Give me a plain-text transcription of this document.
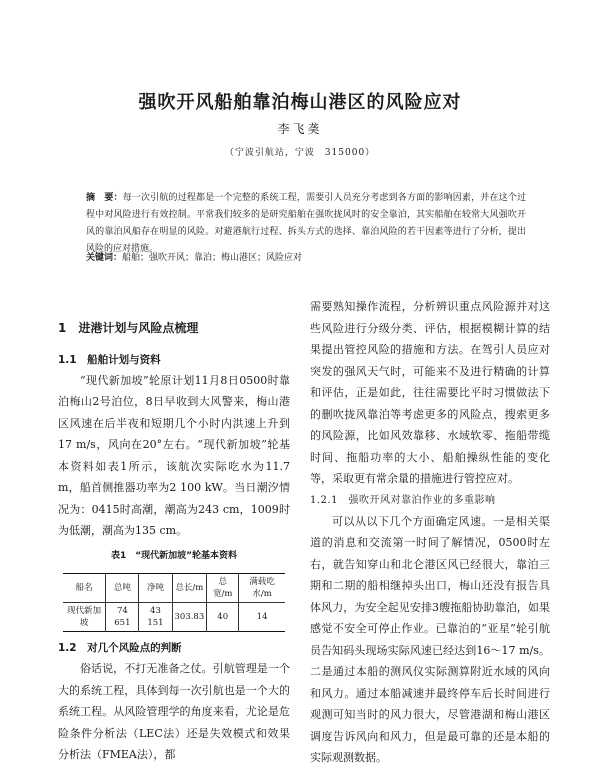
强吹开风船舶靠泊梅山港区的风险应对
李飞䶮
（宁波引航站，宁波　315000）
摘　要：每一次引航的过程都是一个完整的系统工程，需要引人员充分考虑到各方面的影响因素，并在这个过程中对风险进行有效控制。平常我们较多的是研究船舶在强吹拢风时的安全靠泊，其实船舶在较常大风强吹开风的靠泊风船存在明显的风险。对避港航行过程、拆头方式的选择、靠泊风险的若干因素等进行了分析，提出风险的应对措施。
关键词：船舶；强吹开风；靠泊；梅山港区；风险应对
1　进港计划与风险点梳理
1.1　船舶计划与资料

“现代新加坡”轮原计划11月8日0500时靠泊梅山2号泊位，8日早收到大风警来，梅山港区风速在后半夜和短期几个小时内洪速上升到17 m/s，风向在20°左右。“现代新加坡”轮基本资料如表1所示，该航次实际吃水为11.7 m，船首侧推器功率为2 100 kW。当日潮汐情况为：0415时高潮，潮高为243 cm，1009时为低潮，潮高为135 cm。

表1　“现代新加坡”轮基本资料
船名	总吨	净吨	总长/m	总宽/m	满载吃水/m
现代新加坡	74 651	43 151	303.83	40	14
1.2　对几个风险点的判断

俗话说，不打无准备之仗。引航管理是一个大的系统工程，具体到每一次引航也是一个大的系统工程。从风险管理学的角度来看，尤论是危险条件分析法（LEC法）还是失效模式和效果分析法（FMEA法），都

需要熟知操作流程，分析辨识重点风险源并对这些风险进行分级分类、评估，根据模糊计算的结果提出管控风险的措施和方法。在驾引人员应对突发的强风天气时，可能来不及进行精确的计算和评估，正是如此，往往需要比平时习惯做法下的删吹拢风靠泊等考虑更多的风险点，搜索更多的风险源，比如风效靠移、水域软零、拖船带缆时间、拖船功率的大小、船舶操纵性能的变化等，采取更有常余量的措施进行管控应对。

1.2.1　强吹开风对靠泊作业的多重影响

可以从以下几个方面确定风速。一是相关渠道的消息和交流第一时间了解情况，0500时左右，就告知穿山和北仑港区风已经很大，靠泊三期和二期的船相继掉头出口，梅山还没有报告具体风力，为安全起见安排3艘拖船协助靠泊，如果感觉不安全可停止作业。已靠泊的“亚星”轮引航员告知码头现场实际风速已经达到16～17 m/s。二是通过本船的测风仪实际测算附近水域的风向和风力。通过本船减速并最终停车后长时间进行观测可知当时的风力很大，尽管港湖和梅山港区调度告诉风向和风力，但是最可靠的还是本船的实际观测数据。
